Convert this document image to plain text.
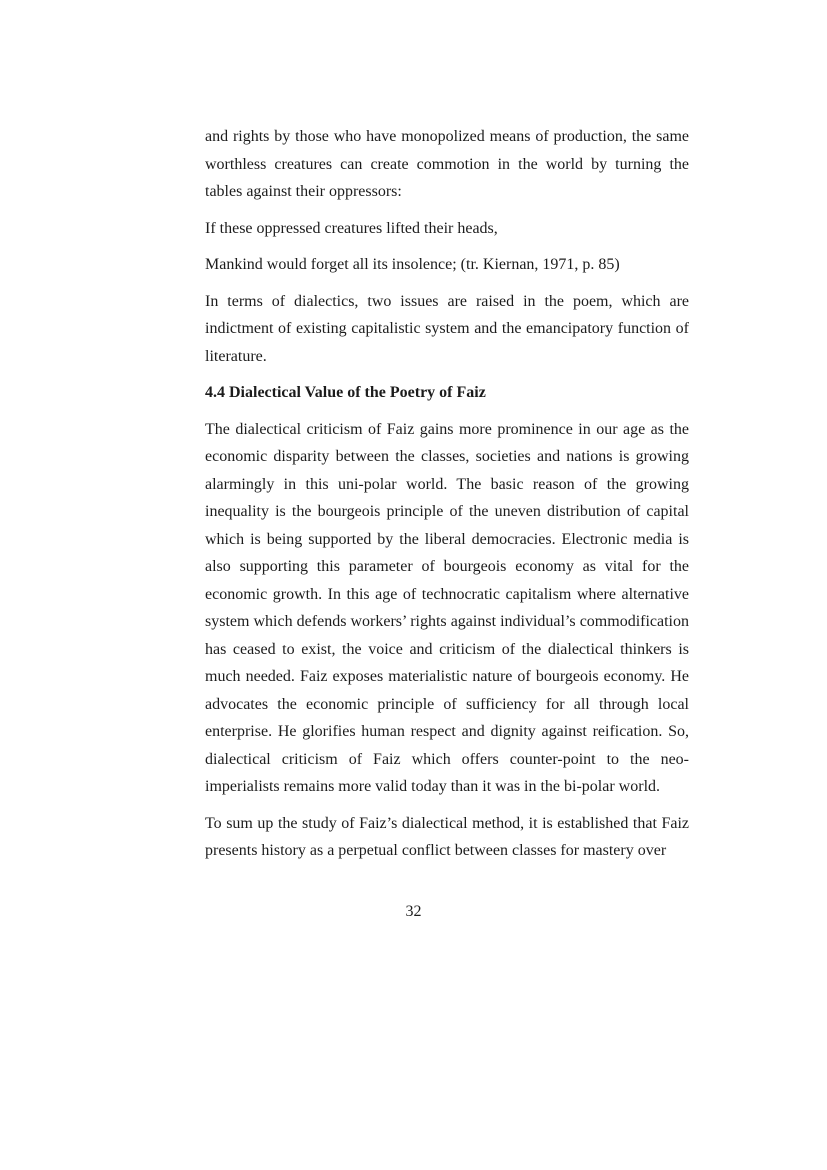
and rights by those who have monopolized means of production, the same worthless creatures can create commotion in the world by turning the tables against their oppressors:

If these oppressed creatures lifted their heads,

Mankind would forget all its insolence; (tr. Kiernan, 1971, p. 85)

In terms of dialectics, two issues are raised in the poem, which are indictment of existing capitalistic system and the emancipatory function of literature.

4.4 Dialectical Value of the Poetry of Faiz

The dialectical criticism of Faiz gains more prominence in our age as the economic disparity between the classes, societies and nations is growing alarmingly in this uni-polar world. The basic reason of the growing inequality is the bourgeois principle of the uneven distribution of capital which is being supported by the liberal democracies. Electronic media is also supporting this parameter of bourgeois economy as vital for the economic growth. In this age of technocratic capitalism where alternative system which defends workers’ rights against individual’s commodification has ceased to exist, the voice and criticism of the dialectical thinkers is much needed. Faiz exposes materialistic nature of bourgeois economy. He advocates the economic principle of sufficiency for all through local enterprise. He glorifies human respect and dignity against reification. So, dialectical criticism of Faiz which offers counter-point to the neo-imperialists remains more valid today than it was in the bi-polar world.

To sum up the study of Faiz’s dialectical method, it is established that Faiz presents history as a perpetual conflict between classes for mastery over

32
